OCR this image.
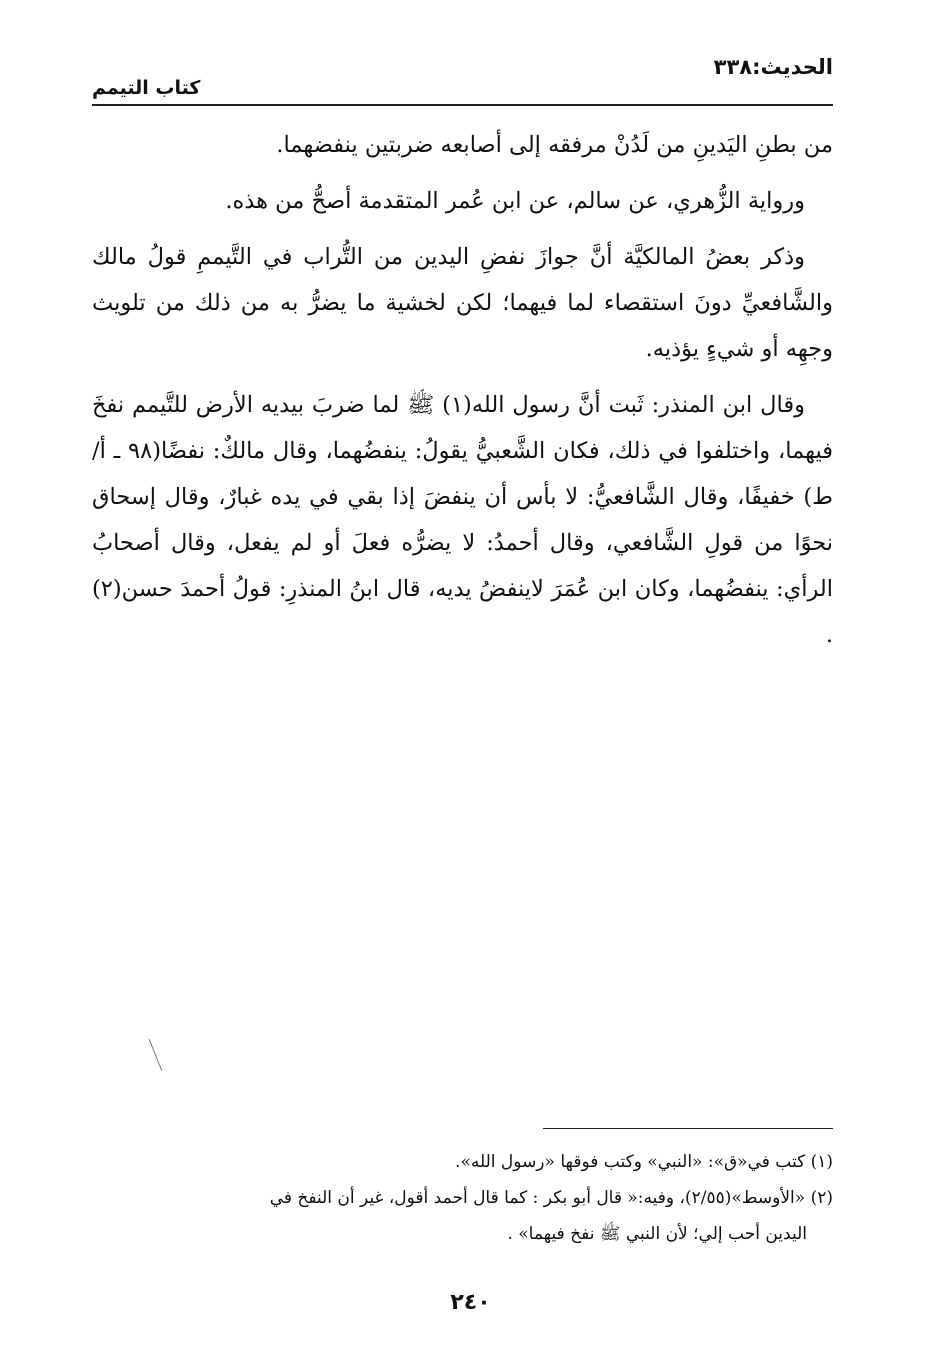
الحديث:٣٣٨
كتاب التيمم

من بطنِ اليَدينِ من لَدُنْ مرفقه إلى أصابعه ضربتين ينفضهما.

ورواية الزُّهري، عن سالم، عن ابن عُمر المتقدمة أصحُّ من هذه.

وذكر بعضُ المالكيَّة أنَّ جوازَ نفضِ اليدين من التُّراب في التَّيممِ قولُ مالك والشَّافعيِّ دونَ استقصاء لما فيهما؛ لكن لخشية ما يضرُّ به من ذلك من تلويث وجهِه أو شيءٍ يؤذيه.

وقال ابن المنذر: ثَبت أنَّ رسول الله(١) ﷺ لما ضربَ بيديه الأرض للتَّيمم نفخَ فيهما، واختلفوا في ذلك، فكان الشَّعبيُّ يقولُ: ينفضُهما، وقال مالكٌ: نفضًا(٩٨ ـ أ/ط) خفيفًا، وقال الشَّافعيُّ: لا بأس أن ينفضَ إذا بقي في يده غبارٌ، وقال إسحاق نحوًا من قولِ الشَّافعي، وقال أحمدُ: لا يضرُّه فعلَ أو لم يفعل، وقال أصحابُ الرأي: ينفضُهما، وكان ابن عُمَرَ لاينفضُ يديه، قال ابنُ المنذرِ: قولُ أحمدَ حسن(٢) .

(١) كتب في«ق»: «النبي» وكتب فوقها «رسول الله».

(٢) «الأوسط»(٢/٥٥)، وفيه:« قال أبو بكر : كما قال أحمد أقول، غير أن النفخ في

اليدين أحب إلي؛ لأن النبي ﷺ نفخ فيهما» .

٢٤٠
